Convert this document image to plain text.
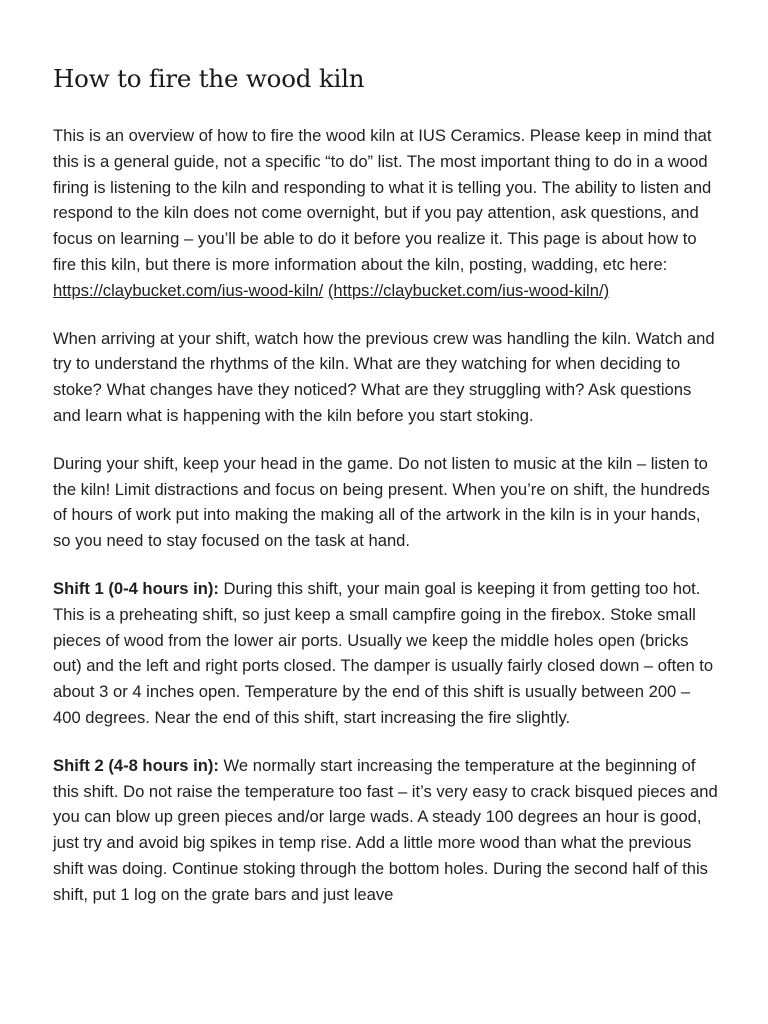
How to fire the wood kiln

This is an overview of how to fire the wood kiln at IUS Ceramics. Please keep in mind that this is a general guide, not a specific “to do” list. The most important thing to do in a wood firing is listening to the kiln and responding to what it is telling you. The ability to listen and respond to the kiln does not come overnight, but if you pay attention, ask questions, and focus on learning – you’ll be able to do it before you realize it. This page is about how to fire this kiln, but there is more information about the kiln, posting, wadding, etc here: https://claybucket.com/ius-wood-kiln/ (https://claybucket.com/ius-wood-kiln/)

When arriving at your shift, watch how the previous crew was handling the kiln. Watch and try to understand the rhythms of the kiln. What are they watching for when deciding to stoke? What changes have they noticed? What are they struggling with? Ask questions and learn what is happening with the kiln before you start stoking.

During your shift, keep your head in the game. Do not listen to music at the kiln – listen to the kiln! Limit distractions and focus on being present. When you’re on shift, the hundreds of hours of work put into making the making all of the artwork in the kiln is in your hands, so you need to stay focused on the task at hand.

Shift 1 (0-4 hours in): During this shift, your main goal is keeping it from getting too hot. This is a preheating shift, so just keep a small campfire going in the firebox. Stoke small pieces of wood from the lower air ports. Usually we keep the middle holes open (bricks out) and the left and right ports closed. The damper is usually fairly closed down – often to about 3 or 4 inches open. Temperature by the end of this shift is usually between 200 – 400 degrees. Near the end of this shift, start increasing the fire slightly.

Shift 2 (4-8 hours in): We normally start increasing the temperature at the beginning of this shift. Do not raise the temperature too fast – it’s very easy to crack bisqued pieces and you can blow up green pieces and/or large wads. A steady 100 degrees an hour is good, just try and avoid big spikes in temp rise. Add a little more wood than what the previous shift was doing. Continue stoking through the bottom holes. During the second half of this shift, put 1 log on the grate bars and just leave
